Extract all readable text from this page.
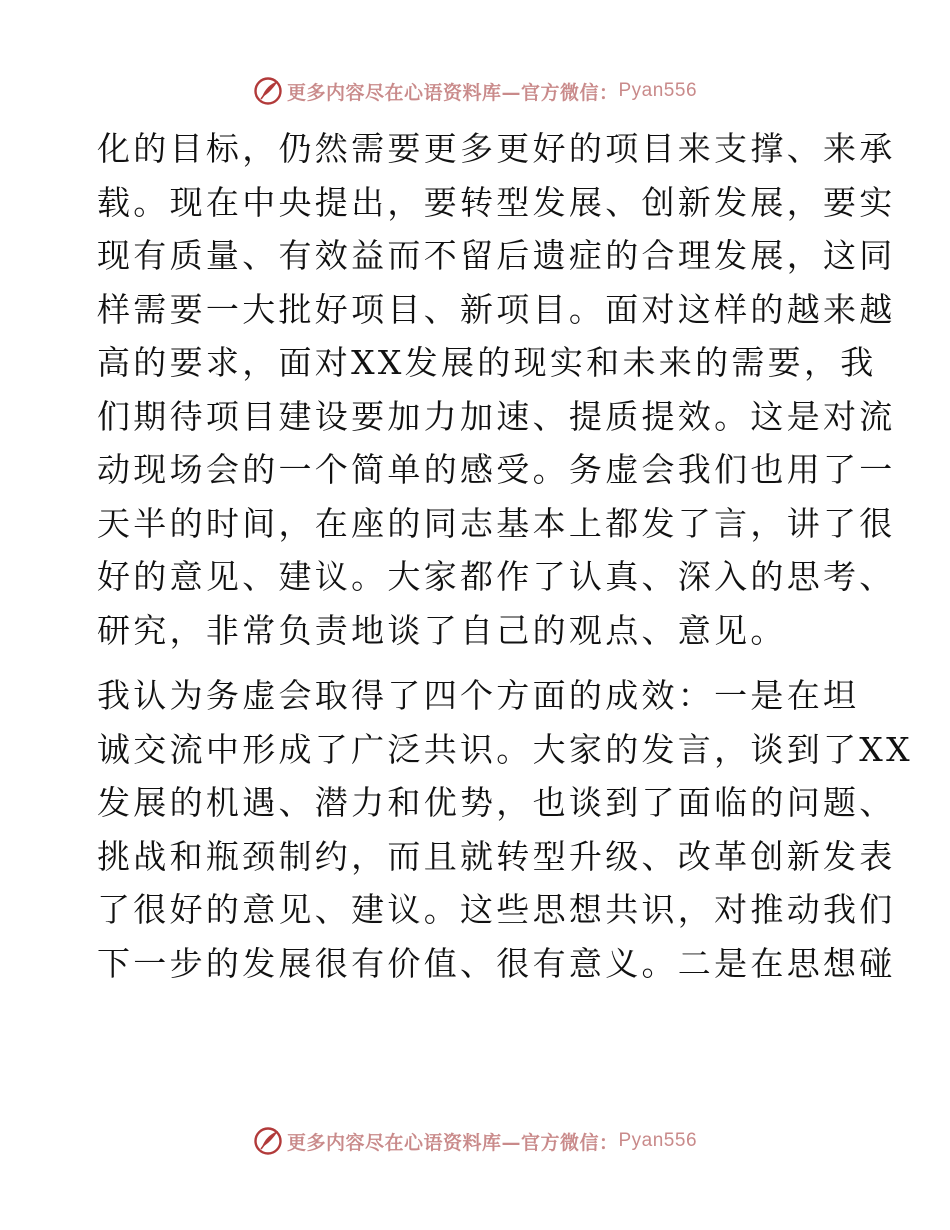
更多内容尽在心语资料库—官方微信： Pyan556
化的目标，仍然需要更多更好的项目来支撑、来承
载。现在中央提出，要转型发展、创新发展，要实
现有质量、有效益而不留后遗症的合理发展，这同
样需要一大批好项目、新项目。面对这样的越来越
高的要求，面对XX发展的现实和未来的需要，我
们期待项目建设要加力加速、提质提效。这是对流
动现场会的一个简单的感受。务虚会我们也用了一
天半的时间，在座的同志基本上都发了言，讲了很
好的意见、建议。大家都作了认真、深入的思考、
研究，非常负责地谈了自己的观点、意见。
我认为务虚会取得了四个方面的成效：一是在坦
诚交流中形成了广泛共识。大家的发言，谈到了XX
发展的机遇、潜力和优势，也谈到了面临的问题、
挑战和瓶颈制约，而且就转型升级、改革创新发表
了很好的意见、建议。这些思想共识，对推动我们
下一步的发展很有价值、很有意义。二是在思想碰
更多内容尽在心语资料库—官方微信： Pyan556
